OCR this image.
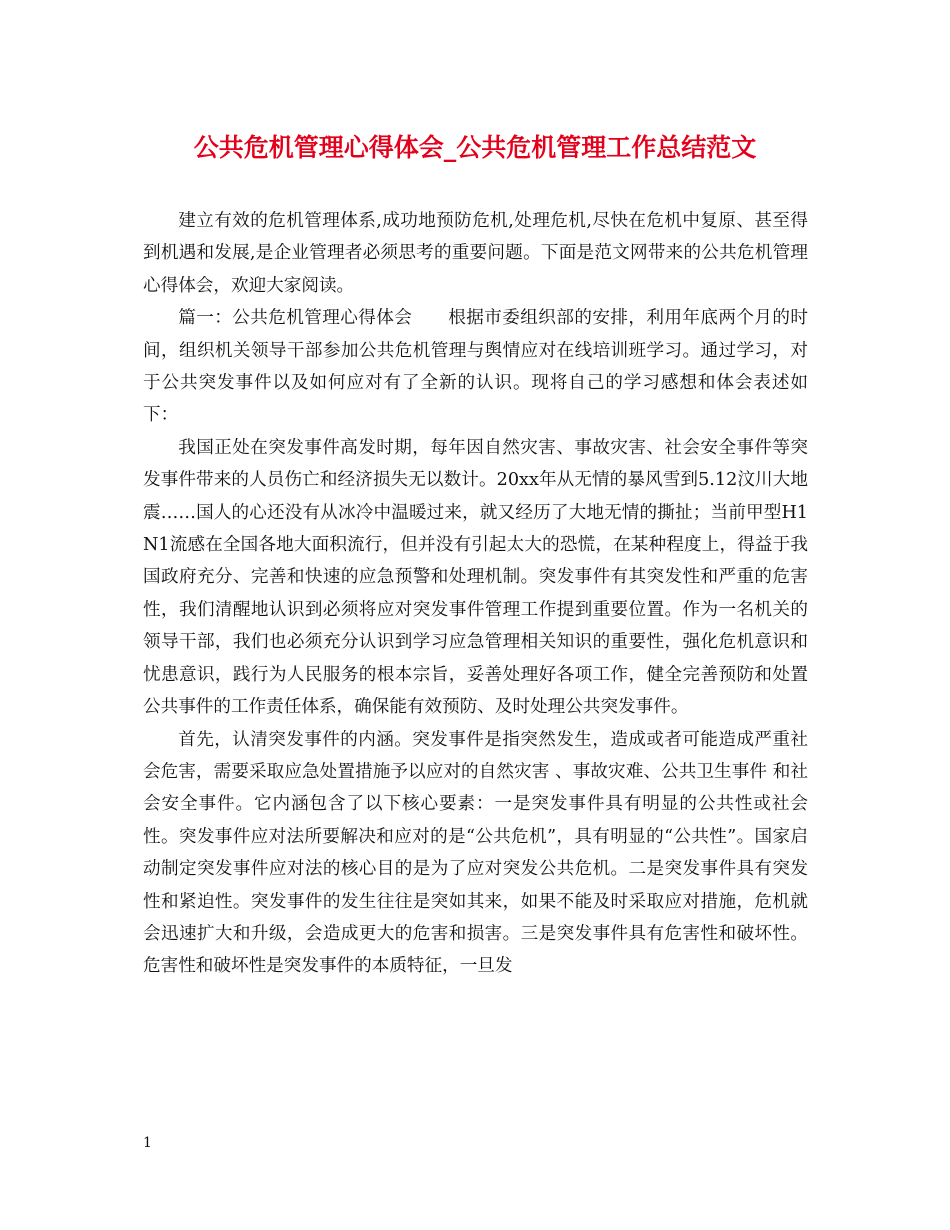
公共危机管理心得体会_公共危机管理工作总结范文

建立有效的危机管理体系,成功地预防危机,处理危机,尽快在危机中复原、甚至得到机遇和发展,是企业管理者必须思考的重要问题。下面是范文网带来的公共危机管理心得体会，欢迎大家阅读。

篇一：公共危机管理心得体会　　根据市委组织部的安排，利用年底两个月的时间，组织机关领导干部参加公共危机管理与舆情应对在线培训班学习。通过学习，对于公共突发事件以及如何应对有了全新的认识。现将自己的学习感想和体会表述如下：

我国正处在突发事件高发时期，每年因自然灾害、事故灾害、社会安全事件等突发事件带来的人员伤亡和经济损失无以数计。20xx年从无情的暴风雪到5.12汶川大地震……国人的心还没有从冰冷中温暖过来，就又经历了大地无情的撕扯；当前甲型H1N1流感在全国各地大面积流行，但并没有引起太大的恐慌，在某种程度上，得益于我国政府充分、完善和快速的应急预警和处理机制。突发事件有其突发性和严重的危害性，我们清醒地认识到必须将应对突发事件管理工作提到重要位置。作为一名机关的领导干部，我们也必须充分认识到学习应急管理相关知识的重要性，强化危机意识和忧患意识，践行为人民服务的根本宗旨，妥善处理好各项工作，健全完善预防和处置公共事件的工作责任体系，确保能有效预防、及时处理公共突发事件。

首先，认清突发事件的内涵。突发事件是指突然发生，造成或者可能造成严重社会危害，需要采取应急处置措施予以应对的自然灾害 、事故灾难、公共卫生事件 和社会安全事件。它内涵包含了以下核心要素：一是突发事件具有明显的公共性或社会性。突发事件应对法所要解决和应对的是“公共危机”，具有明显的“公共性”。国家启动制定突发事件应对法的核心目的是为了应对突发公共危机。二是突发事件具有突发性和紧迫性。突发事件的发生往往是突如其来，如果不能及时采取应对措施，危机就会迅速扩大和升级，会造成更大的危害和损害。三是突发事件具有危害性和破坏性。危害性和破坏性是突发事件的本质特征，一旦发

1
